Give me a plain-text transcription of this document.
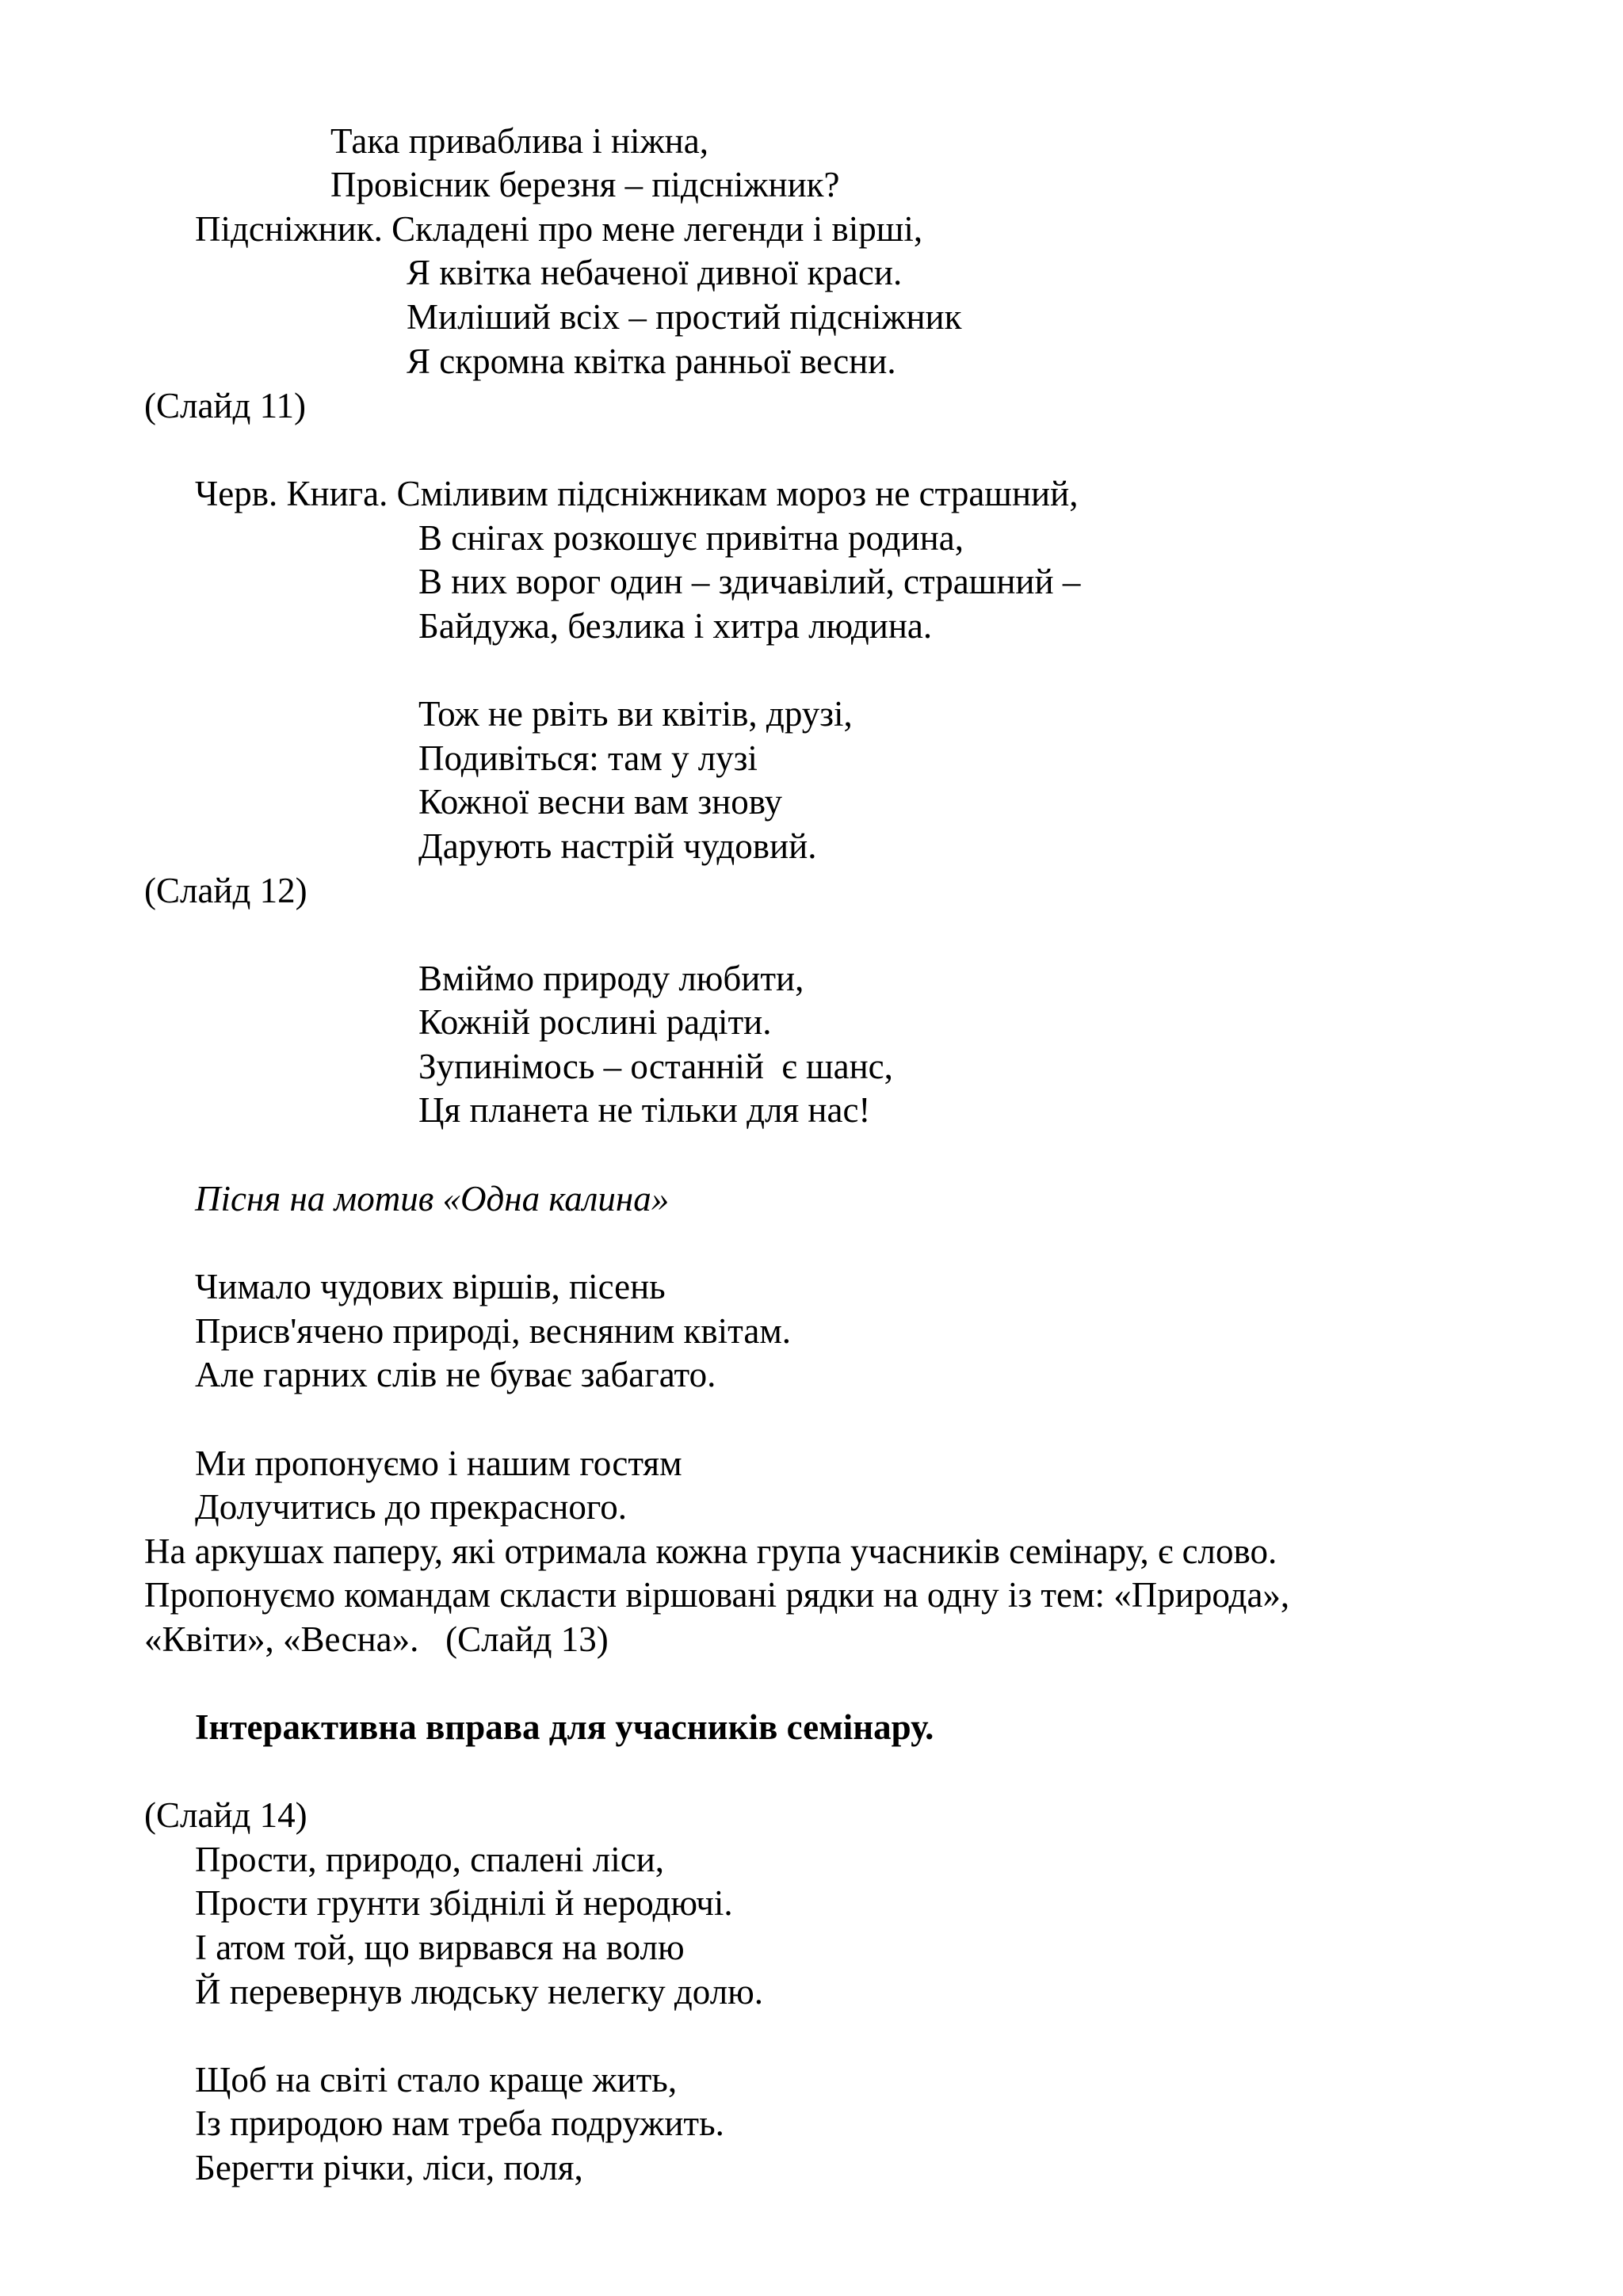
Така приваблива і ніжна,
Провісник березня – підсніжник?
Підсніжник. Складені про мене легенди і вірші,
Я квітка небаченої дивної краси.
Миліший всіх – простий підсніжник
Я скромна квітка ранньої весни.
(Слайд 11)
Черв. Книга. Сміливим підсніжникам мороз не страшний,
В снігах розкошує привітна родина,
В них ворог один – здичавілий, страшний –
Байдужа, безлика і хитра людина.
Тож не рвіть ви квітів, друзі,
Подивіться: там у лузі
Кожної весни вам знову
Дарують настрій чудовий.
(Слайд 12)
Вміймо природу любити,
Кожній рослині радіти.
Зупинімось – останній  є шанс,
Ця планета не тільки для нас!
Пісня на мотив «Одна калина»
Чимало чудових віршів, пісень
Присв'ячено природі, весняним квітам.
Але гарних слів не буває забагато.
Ми пропонуємо і нашим гостям
Долучитись до прекрасного.
На аркушах паперу, які отримала кожна група учасників семінару, є слово.
Пропонуємо командам скласти віршовані рядки на одну із тем: «Природа»,
«Квіти», «Весна».   (Слайд 13)
Інтерактивна вправа для учасників семінару.
(Слайд 14)
Прости, природо, спалені ліси,
Прости грунти збіднілі й неродючі.
І атом той, що вирвався на волю
Й перевернув людську нелегку долю.
Щоб на світі стало краще жить,
Із природою нам треба подружить.
Берегти річки, ліси, поля,
